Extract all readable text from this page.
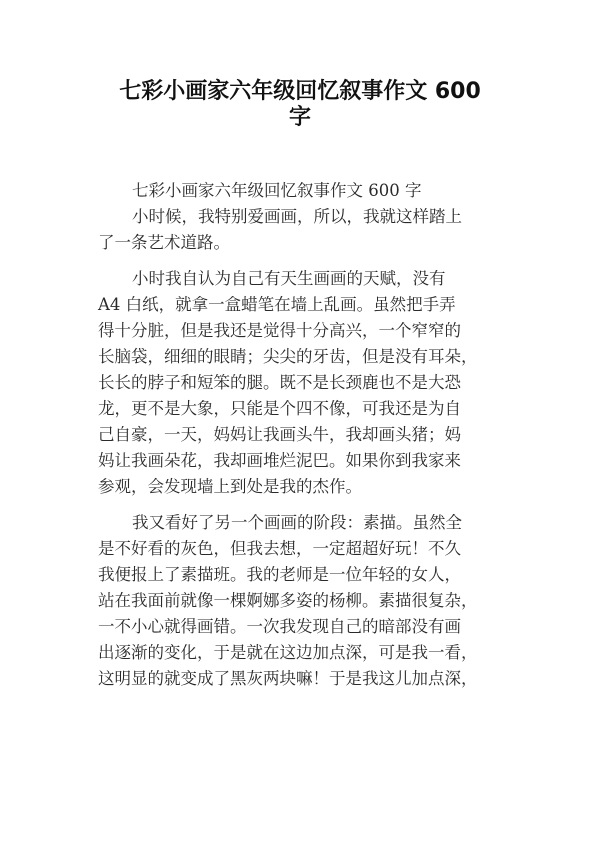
七彩小画家六年级回忆叙事作文 600
字
七彩小画家六年级回忆叙事作文 600 字
小时候，我特别爱画画，所以，我就这样踏上
了一条艺术道路。
小时我自认为自己有天生画画的天赋，没有
A4 白纸，就拿一盒蜡笔在墙上乱画。虽然把手弄
得十分脏，但是我还是觉得十分高兴，一个窄窄的
长脑袋，细细的眼睛；尖尖的牙齿，但是没有耳朵，
长长的脖子和短笨的腿。既不是长颈鹿也不是大恐
龙，更不是大象，只能是个四不像，可我还是为自
己自豪，一天，妈妈让我画头牛，我却画头猪；妈
妈让我画朵花，我却画堆烂泥巴。如果你到我家来
参观，会发现墙上到处是我的杰作。
我又看好了另一个画画的阶段：素描。虽然全
是不好看的灰色，但我去想，一定超超好玩！不久
我便报上了素描班。我的老师是一位年轻的女人，
站在我面前就像一棵婀娜多姿的杨柳。素描很复杂，
一不小心就得画错。一次我发现自己的暗部没有画
出逐渐的变化，于是就在这边加点深，可是我一看，
这明显的就变成了黑灰两块嘛！于是我这儿加点深，
